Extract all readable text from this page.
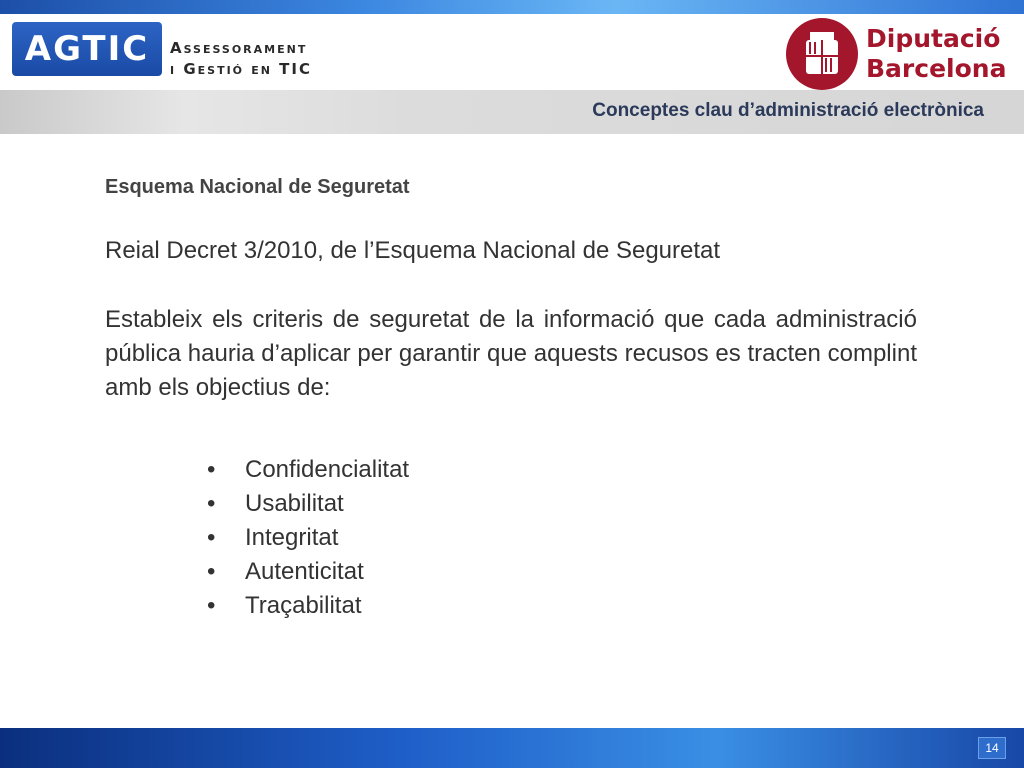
AGTIC Assessorament
i Gestió en TIC
Diputació
Barcelona
Conceptes clau d’administració electrònica

Esquema Nacional de Seguretat

Reial Decret 3/2010, de l’Esquema Nacional de Seguretat

Estableix els criteris de seguretat de la informació que cada administració pública hauria d’aplicar per garantir que aquests recusos es tracten complint amb els objectius de:

•	Confidencialitat
•	Usabilitat
•	Integritat
•	Autenticitat
•	Traçabilitat
14
